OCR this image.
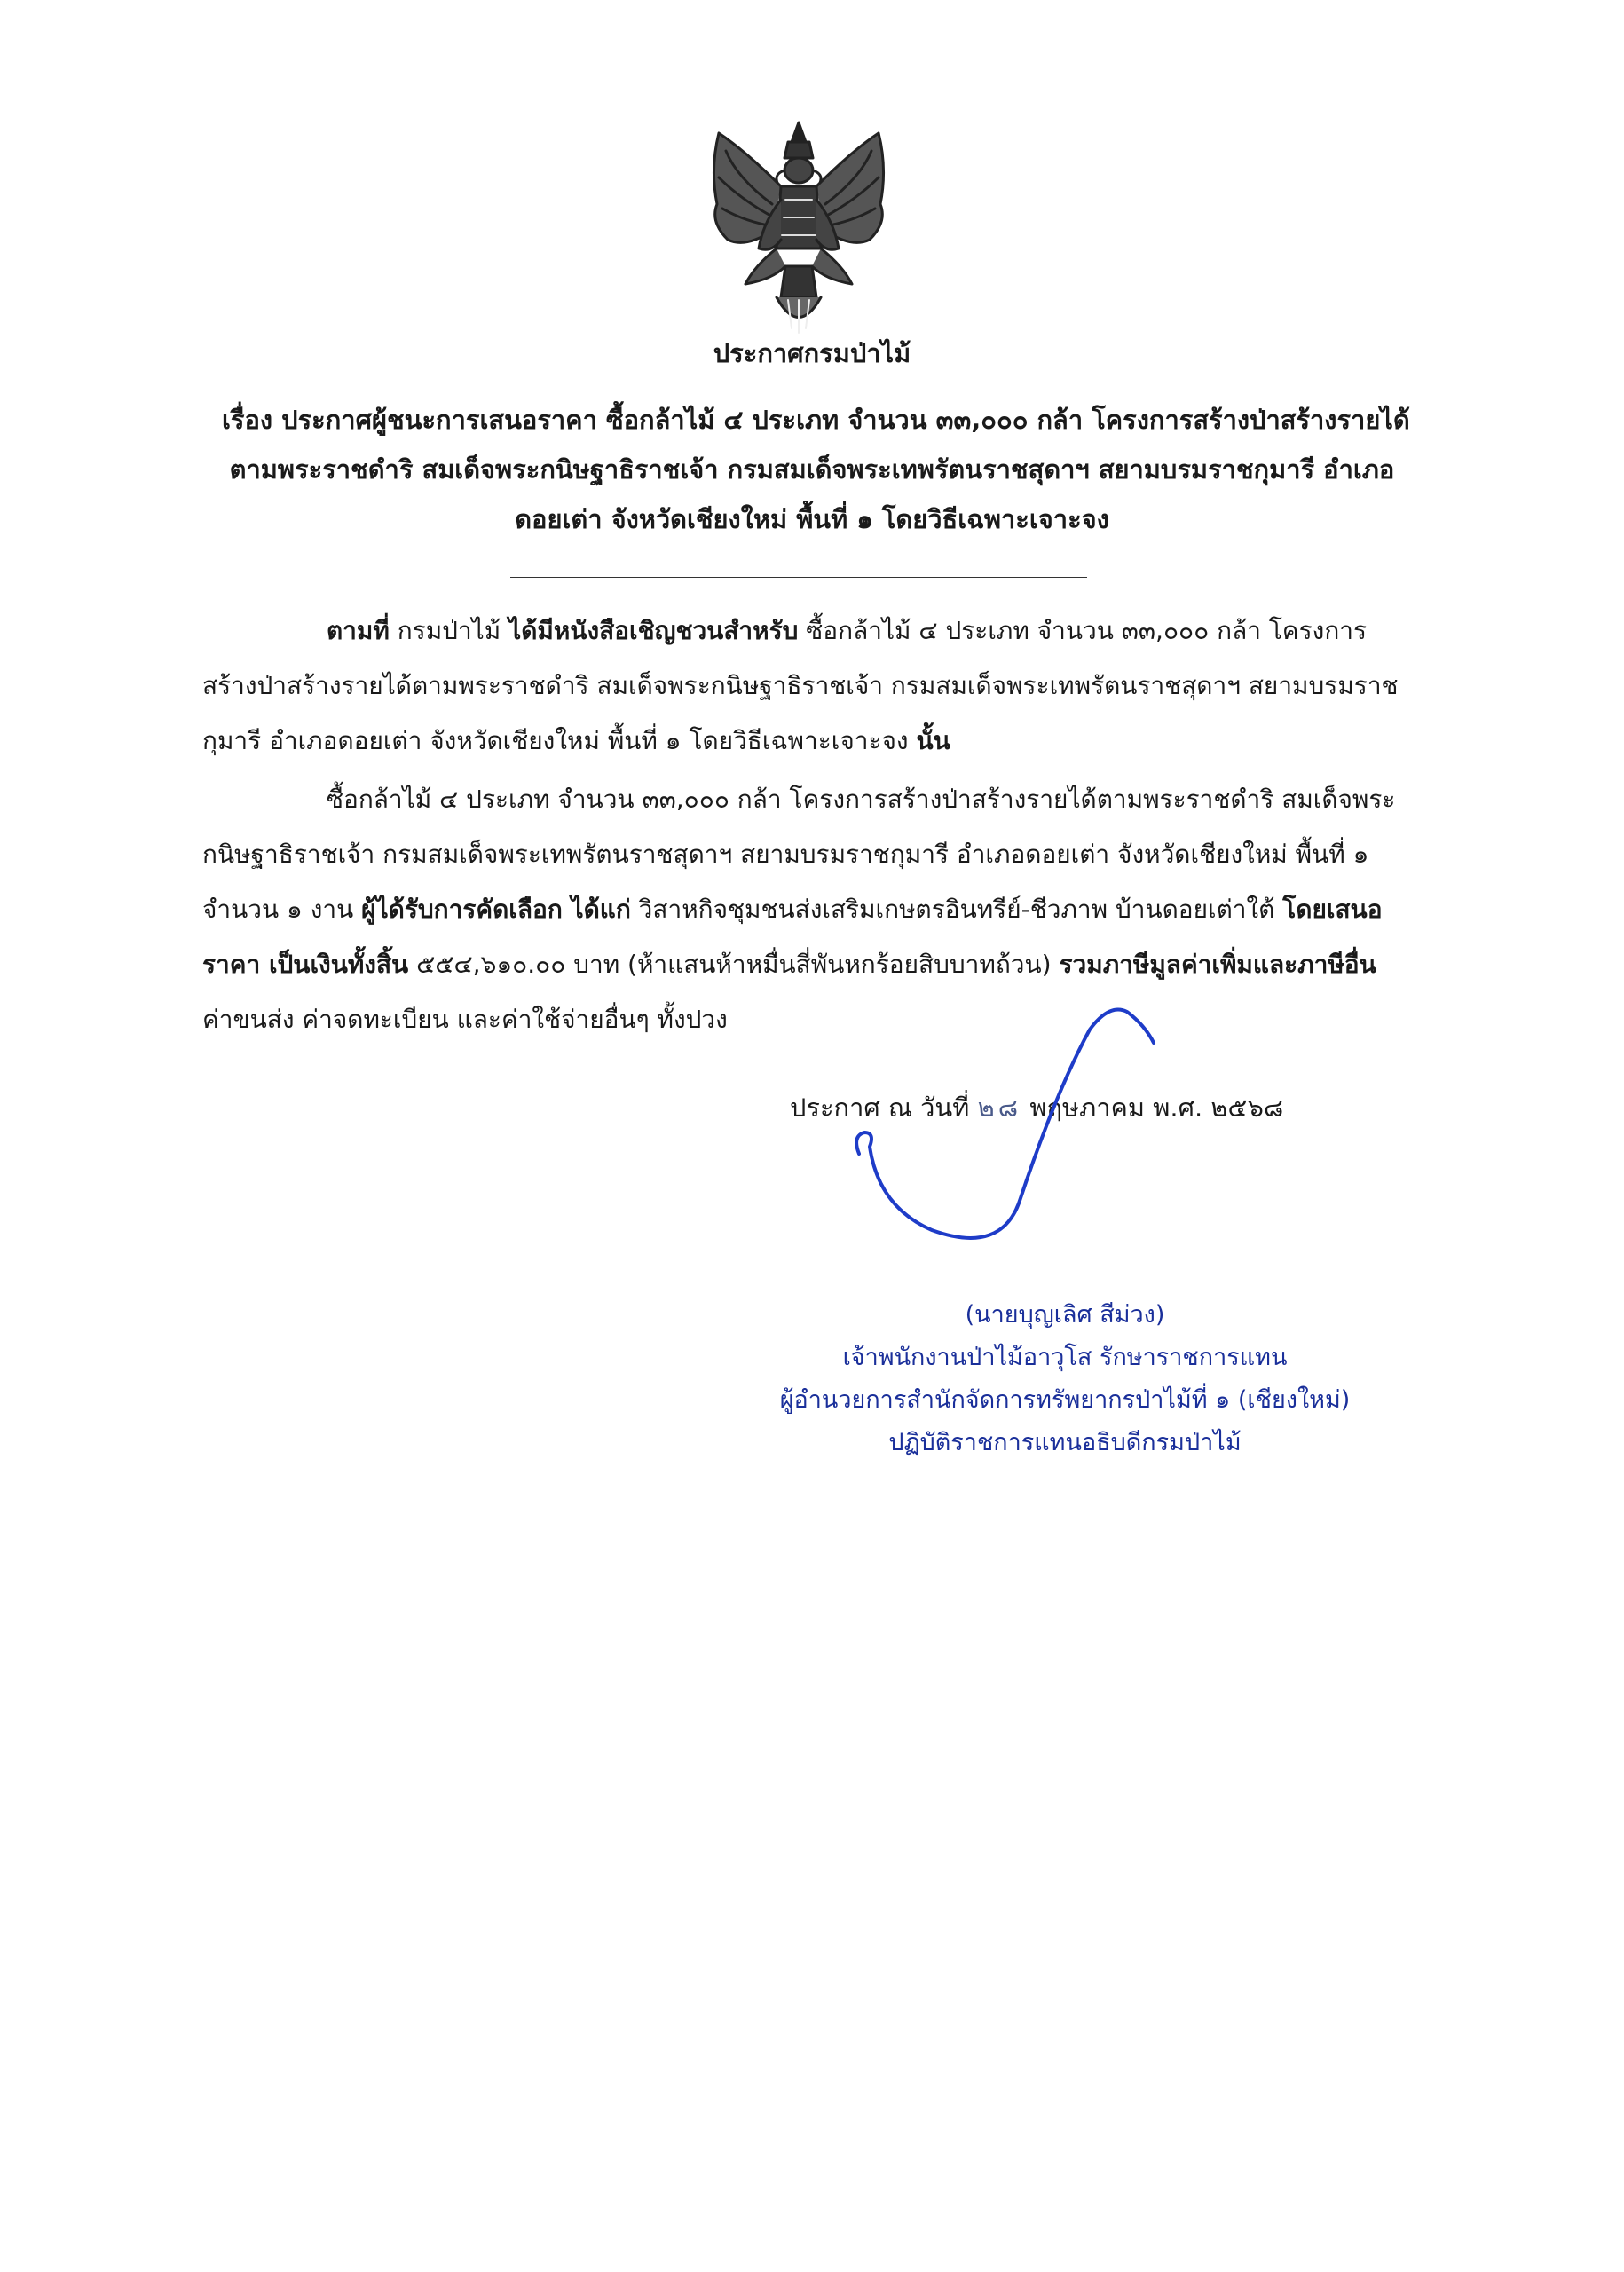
ประกาศกรมป่าไม้
เรื่อง ประกาศผู้ชนะการเสนอราคา ซื้อกล้าไม้ ๔ ประเภท จำนวน ๓๓,๐๐๐ กล้า โครงการสร้างป่าสร้างรายได้
ตามพระราชดำริ สมเด็จพระกนิษฐาธิราชเจ้า กรมสมเด็จพระเทพรัตนราชสุดาฯ สยามบรมราชกุมารี อำเภอ
ดอยเต่า จังหวัดเชียงใหม่ พื้นที่ ๑ โดยวิธีเฉพาะเจาะจง
ตามที่ กรมป่าไม้ ได้มีหนังสือเชิญชวนสำหรับ ซื้อกล้าไม้ ๔ ประเภท จำนวน ๓๓,๐๐๐ กล้า โครงการ
สร้างป่าสร้างรายได้ตามพระราชดำริ สมเด็จพระกนิษฐาธิราชเจ้า กรมสมเด็จพระเทพรัตนราชสุดาฯ สยามบรมราช
กุมารี อำเภอดอยเต่า จังหวัดเชียงใหม่ พื้นที่ ๑ โดยวิธีเฉพาะเจาะจง นั้น
ซื้อกล้าไม้ ๔ ประเภท จำนวน ๓๓,๐๐๐ กล้า โครงการสร้างป่าสร้างรายได้ตามพระราชดำริ สมเด็จพระ
กนิษฐาธิราชเจ้า กรมสมเด็จพระเทพรัตนราชสุดาฯ สยามบรมราชกุมารี อำเภอดอยเต่า จังหวัดเชียงใหม่ พื้นที่ ๑
จำนวน ๑ งาน ผู้ได้รับการคัดเลือก ได้แก่ วิสาหกิจชุมชนส่งเสริมเกษตรอินทรีย์-ชีวภาพ บ้านดอยเต่าใต้ โดยเสนอ
ราคา เป็นเงินทั้งสิ้น ๕๕๔,๖๑๐.๐๐ บาท (ห้าแสนห้าหมื่นสี่พันหกร้อยสิบบาทถ้วน) รวมภาษีมูลค่าเพิ่มและภาษีอื่น
ค่าขนส่ง ค่าจดทะเบียน และค่าใช้จ่ายอื่นๆ ทั้งปวง
ประกาศ ณ วันที่ ๒๘ พฤษภาคม พ.ศ. ๒๕๖๘
(นายบุญเลิศ สีม่วง)
เจ้าพนักงานป่าไม้อาวุโส รักษาราชการแทน
ผู้อำนวยการสำนักจัดการทรัพยากรป่าไม้ที่ ๑ (เชียงใหม่)
ปฏิบัติราชการแทนอธิบดีกรมป่าไม้
